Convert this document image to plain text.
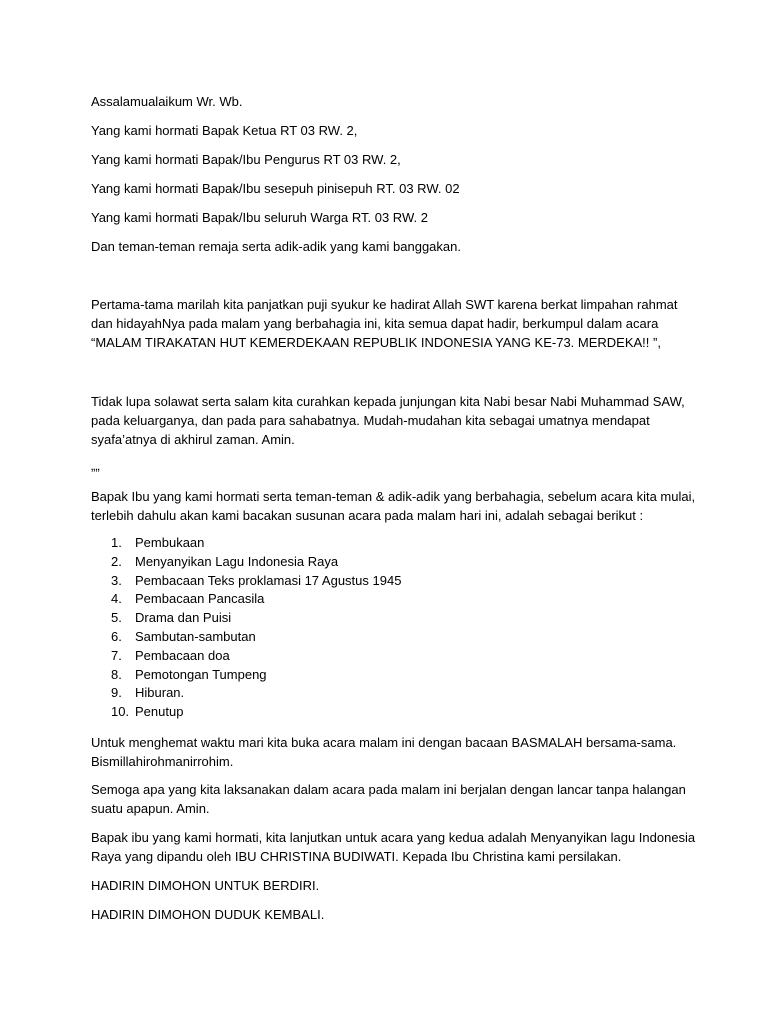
Assalamualaikum Wr. Wb.
Yang kami hormati Bapak Ketua RT 03 RW. 2,
Yang kami hormati Bapak/Ibu Pengurus RT 03 RW. 2,
Yang kami hormati Bapak/Ibu sesepuh pinisepuh RT. 03 RW. 02
Yang kami hormati Bapak/Ibu seluruh Warga RT. 03 RW. 2
Dan teman-teman remaja serta adik-adik yang kami banggakan.
Pertama-tama marilah kita panjatkan puji syukur ke hadirat Allah SWT karena berkat limpahan rahmat
dan hidayahNya pada malam yang berbahagia ini, kita semua dapat hadir, berkumpul dalam acara
“MALAM TIRAKATAN HUT KEMERDEKAAN REPUBLIK INDONESIA YANG KE-73. MERDEKA!! ”,
Tidak lupa solawat serta salam kita curahkan kepada junjungan kita Nabi besar Nabi Muhammad SAW,
pada keluarganya, dan pada para sahabatnya. Mudah-mudahan kita sebagai umatnya mendapat
syafa’atnya di akhirul zaman. Amin.
„„
Bapak Ibu yang kami hormati serta teman-teman & adik-adik yang berbahagia, sebelum acara kita mulai,
terlebih dahulu akan kami bacakan susunan acara pada malam hari ini, adalah sebagai berikut :
1.	Pembukaan
2.	Menyanyikan Lagu Indonesia Raya
3.	Pembacaan Teks proklamasi 17 Agustus 1945
4.	Pembacaan Pancasila
5.	Drama dan Puisi
6.	Sambutan-sambutan
7.	Pembacaan doa
8.	Pemotongan Tumpeng
9.	Hiburan.
10. Penutup
Untuk menghemat waktu mari kita buka acara malam ini dengan bacaan BASMALAH bersama-sama.
Bismillahirohmanirrohim.
Semoga apa yang kita laksanakan dalam acara pada malam ini berjalan dengan lancar tanpa halangan
suatu apapun. Amin.
Bapak ibu yang kami hormati, kita lanjutkan untuk acara yang kedua adalah Menyanyikan lagu Indonesia
Raya yang dipandu oleh IBU CHRISTINA BUDIWATI. Kepada Ibu Christina kami persilakan.
HADIRIN DIMOHON UNTUK BERDIRI.
HADIRIN DIMOHON DUDUK KEMBALI.
